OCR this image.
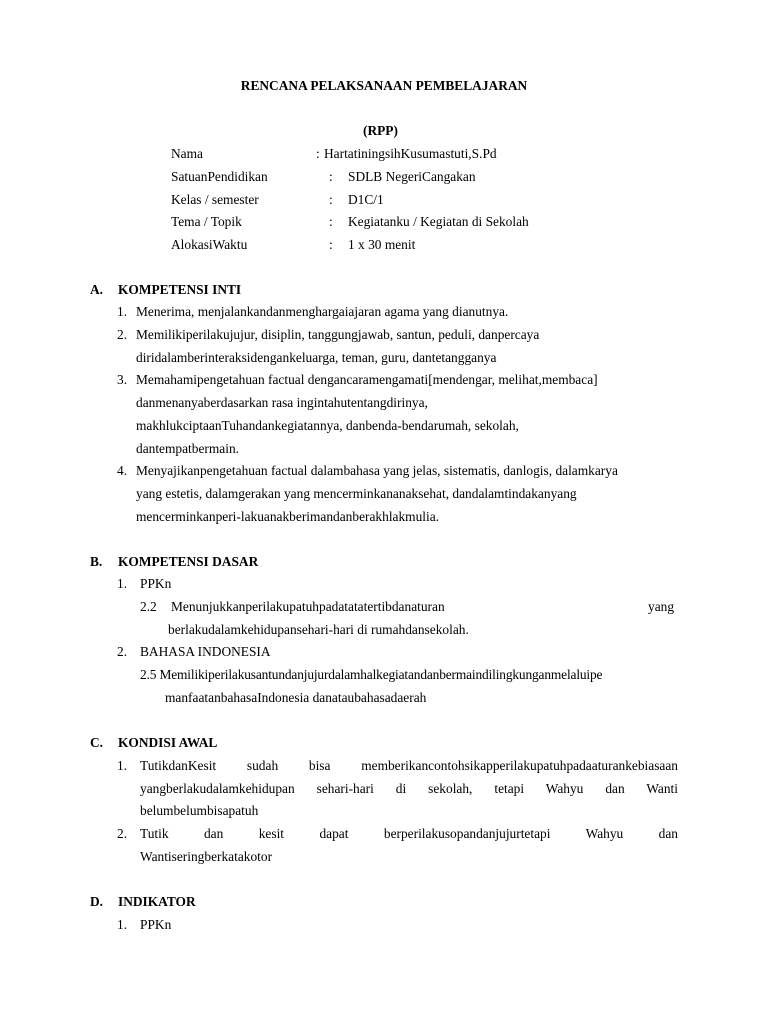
RENCANA PELAKSANAAN PEMBELAJARAN
(RPP)
Nama	: HartatiningsihKusumastuti,S.Pd
SatuanPendidikan	: SDLB NegeriCangakan
Kelas / semester	: D1C/1
Tema / Topik	: Kegiatanku / Kegiatan di Sekolah
AlokasiWaktu	: 1 x 30 menit
A. KOMPETENSI INTI
1. Menerima, menjalankandanmenghargaiajaran agama yang dianutnya.
2. Memilikiperilakujujur, disiplin, tanggungjawab, santun, peduli, danpercaya
diridalamberinteraksidengankeluarga, teman, guru, dantetangganya
3. Memahamipengetahuan factual dengancaramengamati[mendengar, melihat,membaca]
danmenanyaberdasarkan rasa ingintahutentangdirinya,
makhlukciptaanTuhandankegiatannya, danbenda-bendarumah, sekolah,
dantempatbermain.
4. Menyajikanpengetahuan factual dalambahasa yang jelas, sistematis, danlogis, dalamkarya
yang estetis, dalamgerakan yang mencerminkananaksehat, dandalamtindakanyang
mencerminkanperi-lakuanakberimandanberakhlakmulia.
B. KOMPETENSI DASAR
1. PPKn
2.2 Menunjukkanperilakupatuhpadatatatertibdanaturan	yang
berlakudalamkehidupansehari-hari di rumahdansekolah.
2. BAHASA INDONESIA
2.5 Memilikiperilakusantundanjujurdalamhalkegiatandanbermaindilingkunganmelaluipe
manfaatanbahasaIndonesia danataubahasadaerah
C. KONDISI AWAL
1. TutikdanKesit sudah bisa memberikancontohsikapperilakupatuhpadaaturankebiasaan
yangberlakudalamkehidupan sehari-hari di sekolah, tetapi Wahyu dan Wanti
belumbelumbisapatuh
2. Tutik dan kesit dapat berperilakusopandanjujurtetapi Wahyu dan
Wantiseringberkatakotor
D. INDIKATOR
1. PPKn
